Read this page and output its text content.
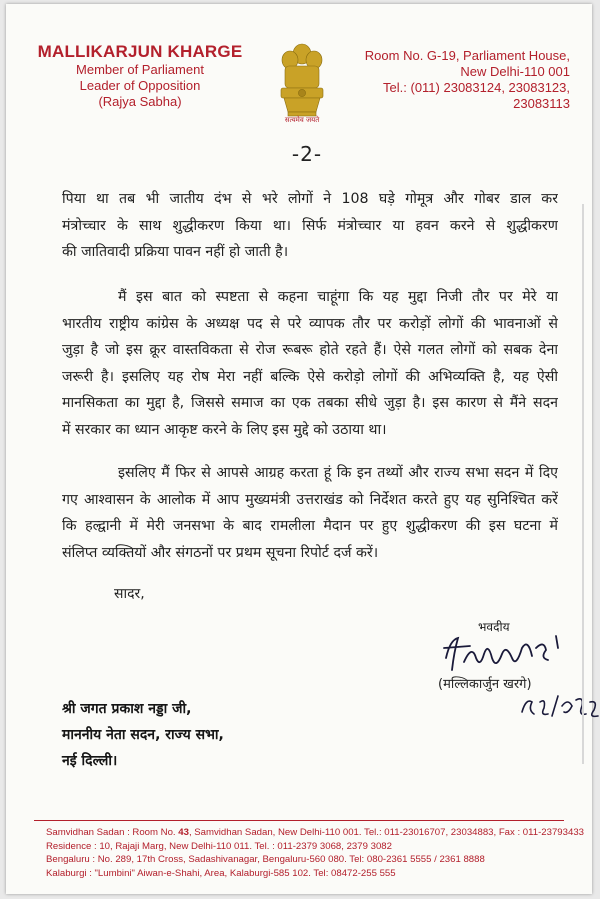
MALLIKARJUN KHARGE
Member of Parliament
Leader of Opposition
(Rajya Sabha)
सत्यमेव जयते
Room No. G-19, Parliament House,
New Delhi-110 001
Tel.: (011) 23083124, 23083123,
23083113
-2-
पिया था तब भी जातीय दंभ से भरे लोगों ने 108 घड़े गोमूत्र और गोबर डाल कर
मंत्रोच्चार के साथ शुद्धीकरण किया था। सिर्फ मंत्रोच्चार या हवन करने से शुद्धीकरण
की जातिवादी प्रक्रिया पावन नहीं हो जाती है।
मैं इस बात को स्पष्टता से कहना चाहूंगा कि यह मुद्दा निजी तौर पर मेरे या
भारतीय राष्ट्रीय कांग्रेस के अध्यक्ष पद से परे व्यापक तौर पर करोड़ों लोगों की भावनाओं से
जुड़ा है जो इस क्रूर वास्तविकता से रोज रूबरू होते रहते हैं। ऐसे गलत लोगों को सबक देना
जरूरी है। इसलिए यह रोष मेरा नहीं बल्कि ऐसे करोड़ो लोगों की अभिव्यक्ति है, यह ऐसी
मानसिकता का मुद्दा है, जिससे समाज का एक तबका सीधे जुड़ा है। इस कारण से मैंने सदन
में सरकार का ध्यान आकृष्ट करने के लिए इस मुद्दे को उठाया था।
इसलिए मैं फिर से आपसे आग्रह करता हूं कि इन तथ्यों और राज्य सभा सदन में दिए
गए आश्वासन के आलोक में आप मुख्यमंत्री उत्तराखंड को निर्देशत करते हुए यह सुनिश्चित करें
कि हल्द्वानी में मेरी जनसभा के बाद रामलीला मैदान पर हुए शुद्धीकरण की इस घटना में
संलिप्त व्यक्तियों और संगठनों पर प्रथम सूचना रिपोर्ट दर्ज करें।
सादर,
भवदीय
(मल्लिकार्जुन खरगे)
श्री जगत प्रकाश नड्डा जी,
माननीय नेता सदन, राज्य सभा,
नई दिल्ली।
Samvidhan Sadan : Room No. 43, Samvidhan Sadan, New Delhi-110 001. Tel.: 011-23016707, 23034883, Fax : 011-23793433
Residence : 10, Rajaji Marg, New Delhi-110 011. Tel. : 011-2379 3068, 2379 3082
Bengaluru : No. 289, 17th Cross, Sadashivanagar, Bengaluru-560 080. Tel: 080-2361 5555 / 2361 8888
Kalaburgi : "Lumbini" Aiwan-e-Shahi, Area, Kalaburgi-585 102. Tel: 08472-255 555
